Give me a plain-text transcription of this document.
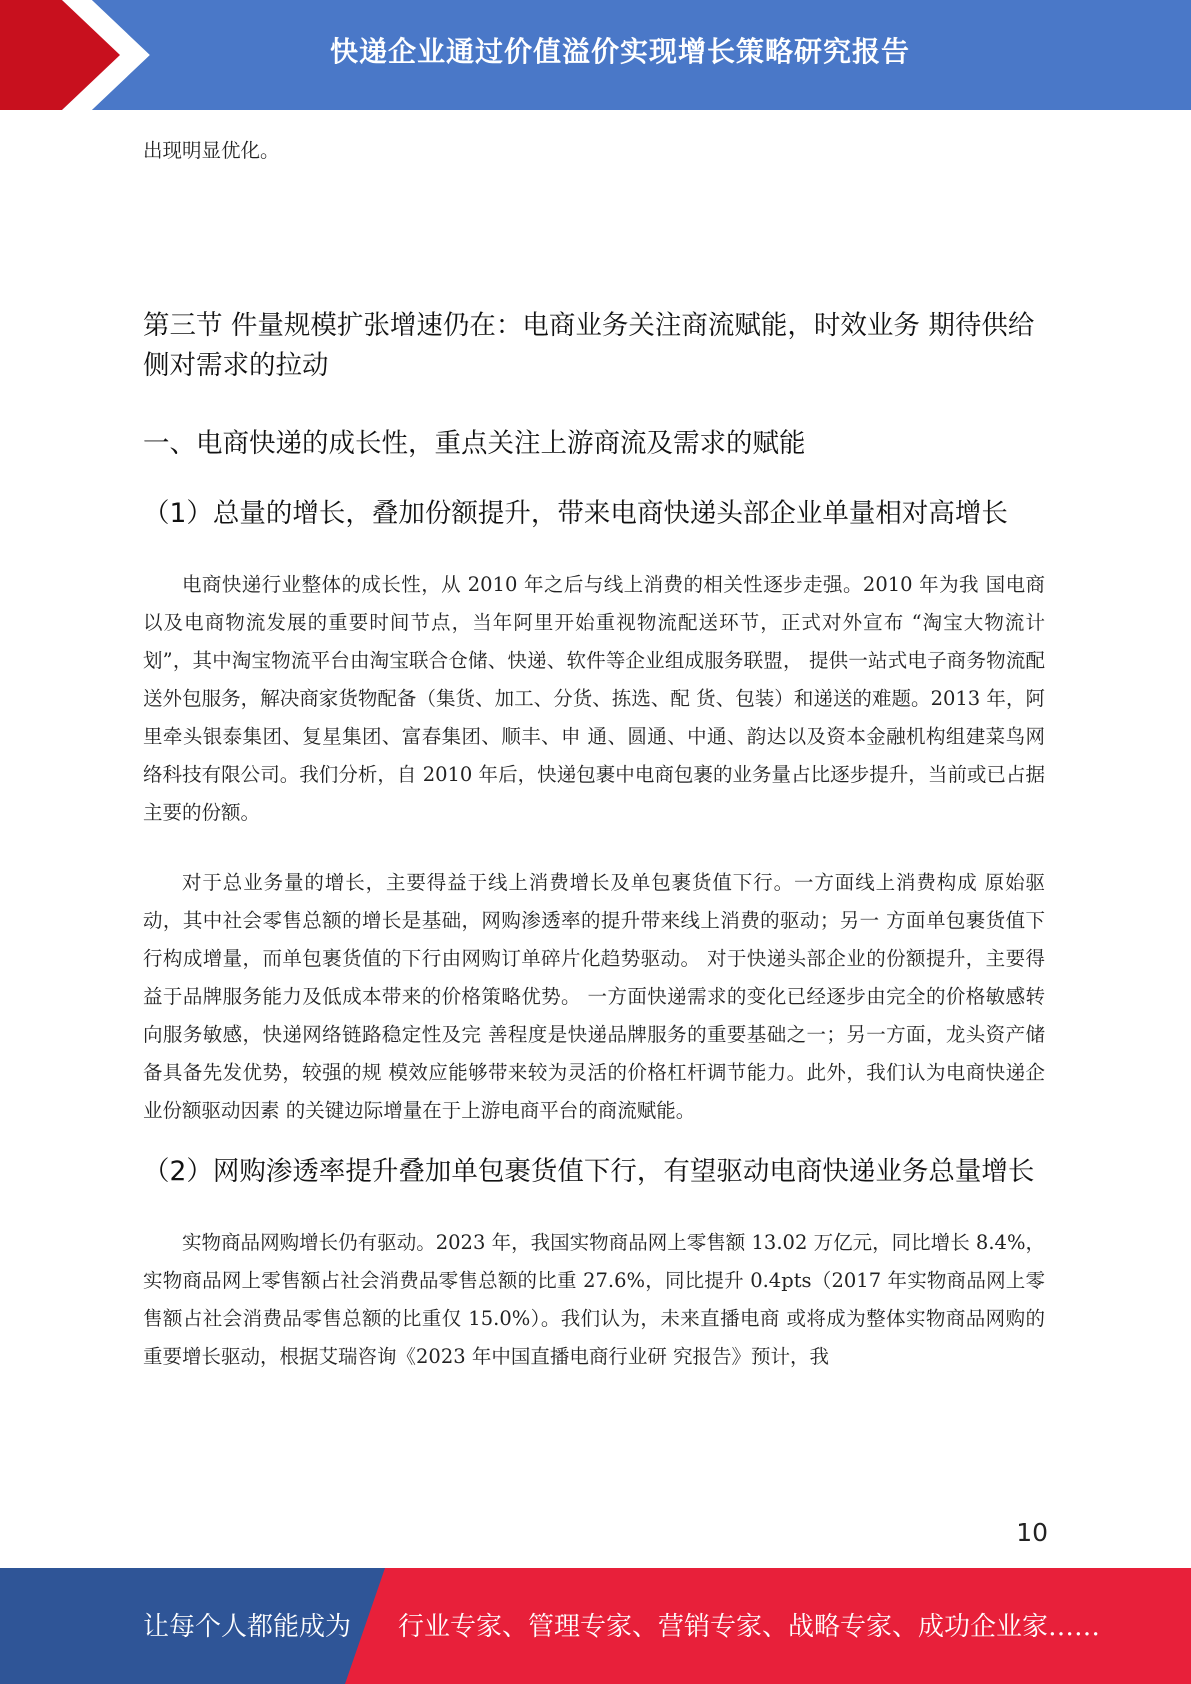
快递企业通过价值溢价实现增长策略研究报告

出现明显优化。

第三节 件量规模扩张增速仍在：电商业务关注商流赋能，时效业务 期待供给侧对需求的拉动
一、电商快递的成长性，重点关注上游商流及需求的赋能
（1）总量的增长，叠加份额提升，带来电商快递头部企业单量相对高增长

电商快递行业整体的成长性，从 2010 年之后与线上消费的相关性逐步走强。2010 年为我 国电商以及电商物流发展的重要时间节点，当年阿里开始重视物流配送环节，正式对外宣布 “淘宝大物流计划”，其中淘宝物流平台由淘宝联合仓储、快递、软件等企业组成服务联盟， 提供一站式电子商务物流配送外包服务，解决商家货物配备（集货、加工、分货、拣选、配 货、包装）和递送的难题。2013 年，阿里牵头银泰集团、复星集团、富春集团、顺丰、申 通、圆通、中通、韵达以及资本金融机构组建菜鸟网络科技有限公司。我们分析，自 2010 年后，快递包裹中电商包裹的业务量占比逐步提升，当前或已占据主要的份额。

对于总业务量的增长，主要得益于线上消费增长及单包裹货值下行。一方面线上消费构成 原始驱动，其中社会零售总额的增长是基础，网购渗透率的提升带来线上消费的驱动；另一 方面单包裹货值下行构成增量，而单包裹货值的下行由网购订单碎片化趋势驱动。 对于快递头部企业的份额提升，主要得益于品牌服务能力及低成本带来的价格策略优势。 一方面快递需求的变化已经逐步由完全的价格敏感转向服务敏感，快递网络链路稳定性及完 善程度是快递品牌服务的重要基础之一；另一方面，龙头资产储备具备先发优势，较强的规 模效应能够带来较为灵活的价格杠杆调节能力。此外，我们认为电商快递企业份额驱动因素 的关键边际增量在于上游电商平台的商流赋能。

（2）网购渗透率提升叠加单包裹货值下行，有望驱动电商快递业务总量增长

实物商品网购增长仍有驱动。2023 年，我国实物商品网上零售额 13.02 万亿元，同比增长 8.4%，实物商品网上零售额占社会消费品零售总额的比重 27.6%，同比提升 0.4pts（2017 年实物商品网上零售额占社会消费品零售总额的比重仅 15.0%）。我们认为，未来直播电商 或将成为整体实物商品网购的重要增长驱动，根据艾瑞咨询《2023 年中国直播电商行业研 究报告》预计，我

10
让每个人都能成为 行业专家、管理专家、营销专家、战略专家、成功企业家……
